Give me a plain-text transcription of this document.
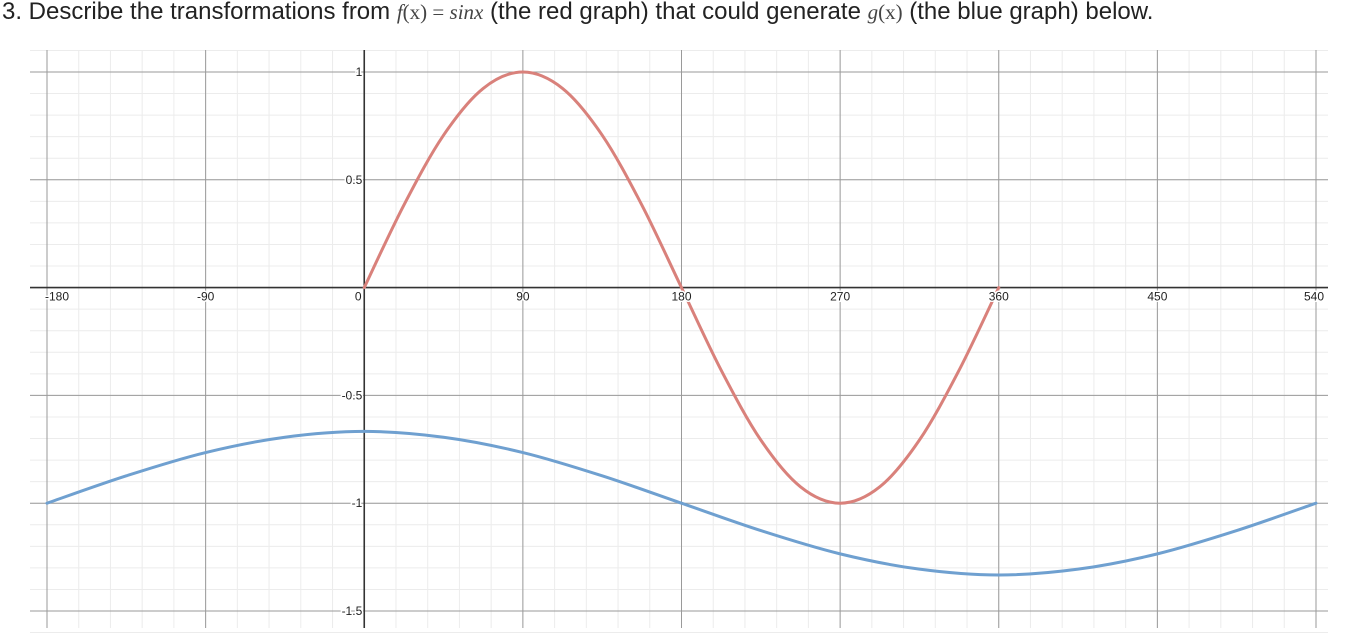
3. Describe the transformations from f(x) = sinx (the red graph) that could generate g(x) (the blue graph) below.
-180	-90	0	90	180	270	360	450	540
1
0.5
-0.5
-1
-1.5
